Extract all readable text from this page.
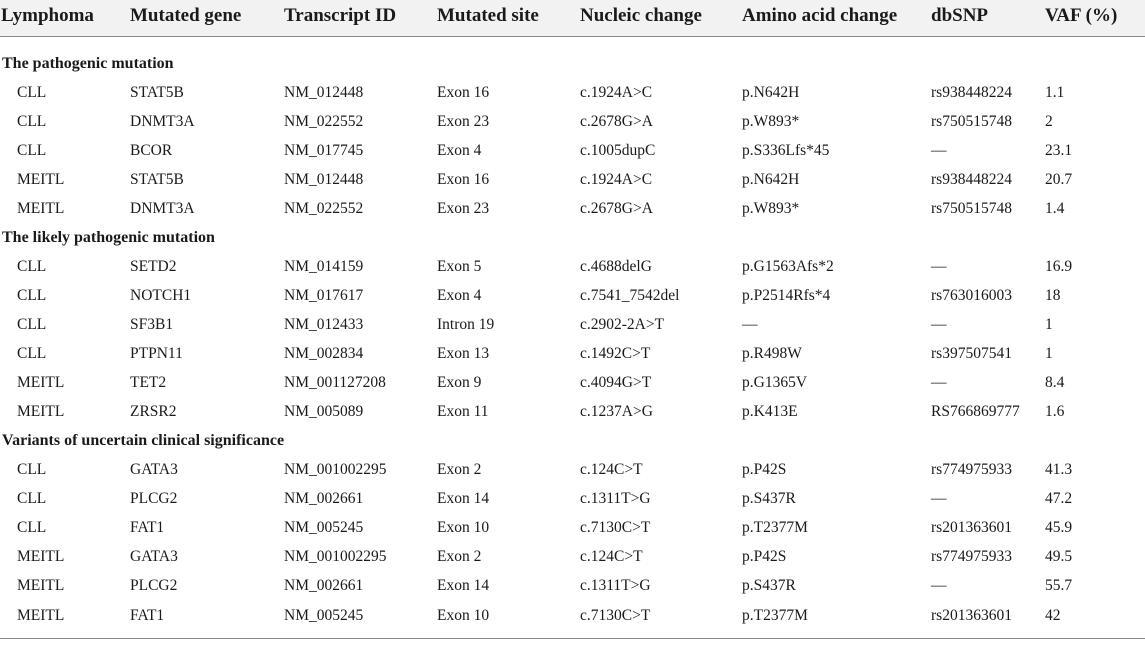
Lymphoma	Mutated gene	Transcript ID	Mutated site	Nucleic change	Amino acid change	dbSNP	VAF (%)

The pathogenic mutation							
CLL	STAT5B	NM_012448	Exon 16	c.1924A>C	p.N642H	rs938448224	1.1
CLL	DNMT3A	NM_022552	Exon 23	c.2678G>A	p.W893*	rs750515748	2
CLL	BCOR	NM_017745	Exon 4	c.1005dupC	p.S336Lfs*45	—	23.1
MEITL	STAT5B	NM_012448	Exon 16	c.1924A>C	p.N642H	rs938448224	20.7
MEITL	DNMT3A	NM_022552	Exon 23	c.2678G>A	p.W893*	rs750515748	1.4
The likely pathogenic mutation							
CLL	SETD2	NM_014159	Exon 5	c.4688delG	p.G1563Afs*2	—	16.9
CLL	NOTCH1	NM_017617	Exon 4	c.7541_7542del	p.P2514Rfs*4	rs763016003	18
CLL	SF3B1	NM_012433	Intron 19	c.2902-2A>T	—	—	1
CLL	PTPN11	NM_002834	Exon 13	c.1492C>T	p.R498W	rs397507541	1
MEITL	TET2	NM_001127208	Exon 9	c.4094G>T	p.G1365V	—	8.4
MEITL	ZRSR2	NM_005089	Exon 11	c.1237A>G	p.K413E	RS766869777	1.6
Variants of uncertain clinical significance							
CLL	GATA3	NM_001002295	Exon 2	c.124C>T	p.P42S	rs774975933	41.3
CLL	PLCG2	NM_002661	Exon 14	c.1311T>G	p.S437R	—	47.2
CLL	FAT1	NM_005245	Exon 10	c.7130C>T	p.T2377M	rs201363601	45.9
MEITL	GATA3	NM_001002295	Exon 2	c.124C>T	p.P42S	rs774975933	49.5
MEITL	PLCG2	NM_002661	Exon 14	c.1311T>G	p.S437R	—	55.7
MEITL	FAT1	NM_005245	Exon 10	c.7130C>T	p.T2377M	rs201363601	42
